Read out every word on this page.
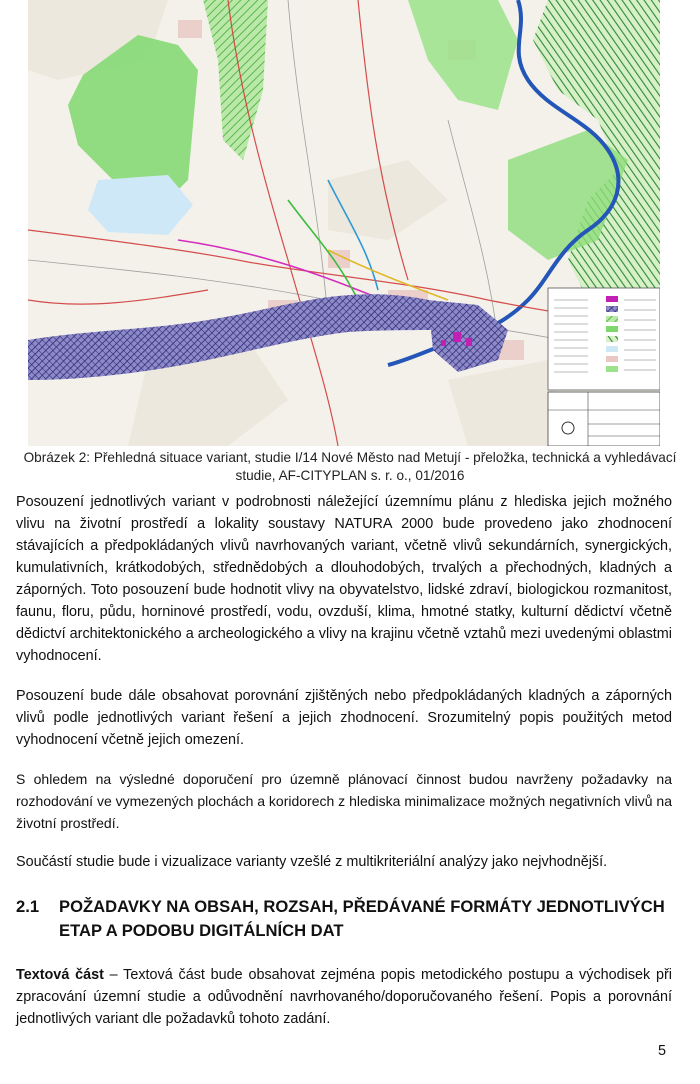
Obrázek 2: Přehledná situace variant, studie I/14 Nové Město nad Metují - přeložka, technická a vyhledávací studie, AF-CITYPLAN s. r. o., 01/2016

Posouzení jednotlivých variant v podrobnosti náležející územnímu plánu z hlediska jejich možného vlivu na životní prostředí a lokality soustavy NATURA 2000 bude provedeno jako zhodnocení stávajících a předpokládaných vlivů navrhovaných variant, včetně vlivů sekundárních, synergických, kumulativních, krátkodobých, střednědobých a dlouhodobých, trvalých a přechodných, kladných a záporných. Toto posouzení bude hodnotit vlivy na obyvatelstvo, lidské zdraví, biologickou rozmanitost, faunu, floru, půdu, horninové prostředí, vodu, ovzduší, klima, hmotné statky, kulturní dědictví včetně dědictví architektonického a archeologického a vlivy na krajinu včetně vztahů mezi uvedenými oblastmi vyhodnocení.

Posouzení bude dále obsahovat porovnání zjištěných nebo předpokládaných kladných a záporných vlivů podle jednotlivých variant řešení a jejich zhodnocení. Srozumitelný popis použitých metod vyhodnocení včetně jejich omezení.

S ohledem na výsledné doporučení pro územně plánovací činnost budou navrženy požadavky na rozhodování ve vymezených plochách a koridorech z hlediska minimalizace možných negativních vlivů na životní prostředí.

Součástí studie bude i vizualizace varianty vzešlé z multikriteriální analýzy jako nejvhodnější.

2.1 POŽADAVKY NA OBSAH, ROZSAH, PŘEDÁVANÉ FORMÁTY JEDNOTLIVÝCH ETAP A PODOBU DIGITÁLNÍCH DAT

Textová část – Textová část bude obsahovat zejména popis metodického postupu a východisek při zpracování územní studie a odůvodnění navrhovaného/doporučovaného řešení. Popis a porovnání jednotlivých variant dle požadavků tohoto zadání.

5
